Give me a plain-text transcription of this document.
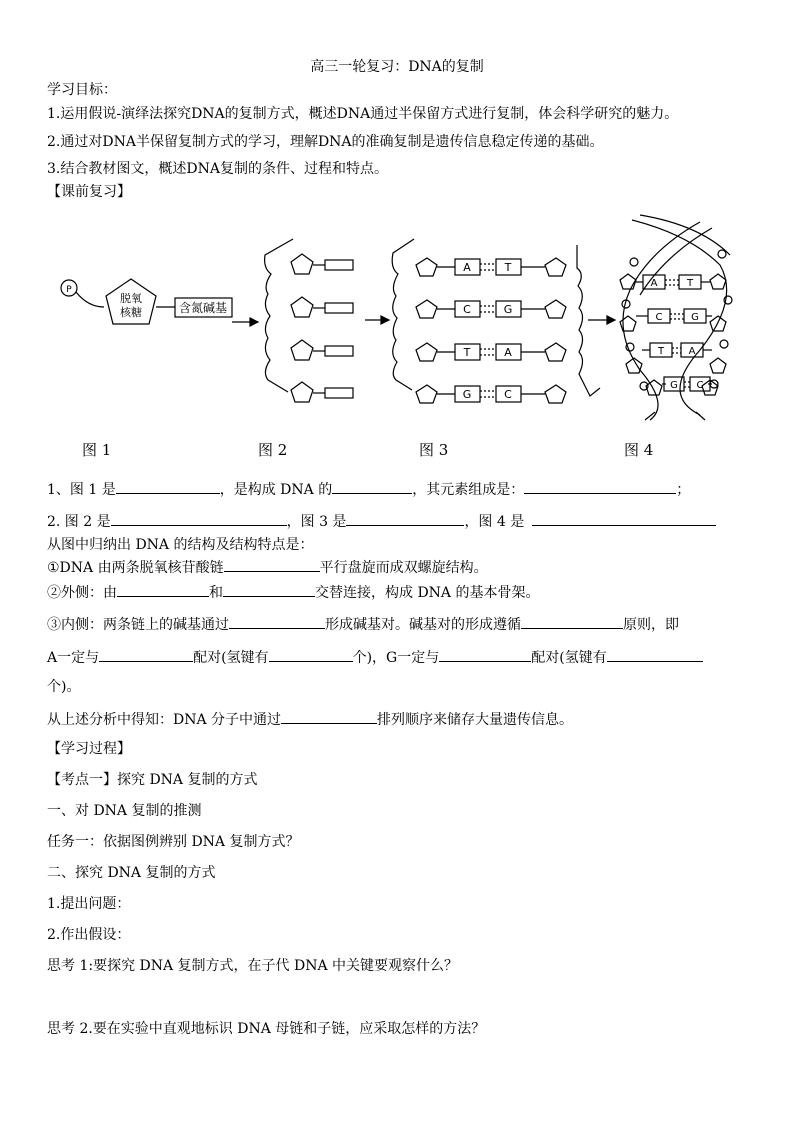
高三一轮复习：DNA的复制
学习目标：
1.运用假说-演绎法探究DNA的复制方式，概述DNA通过半保留方式进行复制，体会科学研究的魅力。
2.通过对DNA半保留复制方式的学习，理解DNA的准确复制是遗传信息稳定传递的基础。
3.结合教材图文，概述DNA复制的条件、过程和特点。
【课前复习】
P
脱氧
核糖	含氮碱基
A	T
C	G
T	A
G	C
A	T
C	G
T A
G C
图 1	图 2	图 3	图 4
1、图 1 是	，是构成 DNA 的	，其元素组成是：	；
2. 图 2 是	，图 3 是	，图 4 是
从图中归纳出 DNA 的结构及结构特点是：
①DNA 由两条脱氧核苷酸链	平行盘旋而成双螺旋结构。
②外侧：由	和	交替连接，构成 DNA 的基本骨架。
③内侧：两条链上的碱基通过	形成碱基对。碱基对的形成遵循	原则，即
A一定与	配对(氢键有	个)，G一定与	配对(氢键有
个)。
从上述分析中得知：DNA 分子中通过	排列顺序来储存大量遗传信息。
【学习过程】
【考点一】探究 DNA 复制的方式
一、对 DNA 复制的推测
任务一：依据图例辨别 DNA 复制方式？
二、探究 DNA 复制的方式
1.提出问题：
2.作出假设：
思考 1:要探究 DNA 复制方式，在子代 DNA 中关键要观察什么？
思考 2.要在实验中直观地标识 DNA 母链和子链，应采取怎样的方法？
